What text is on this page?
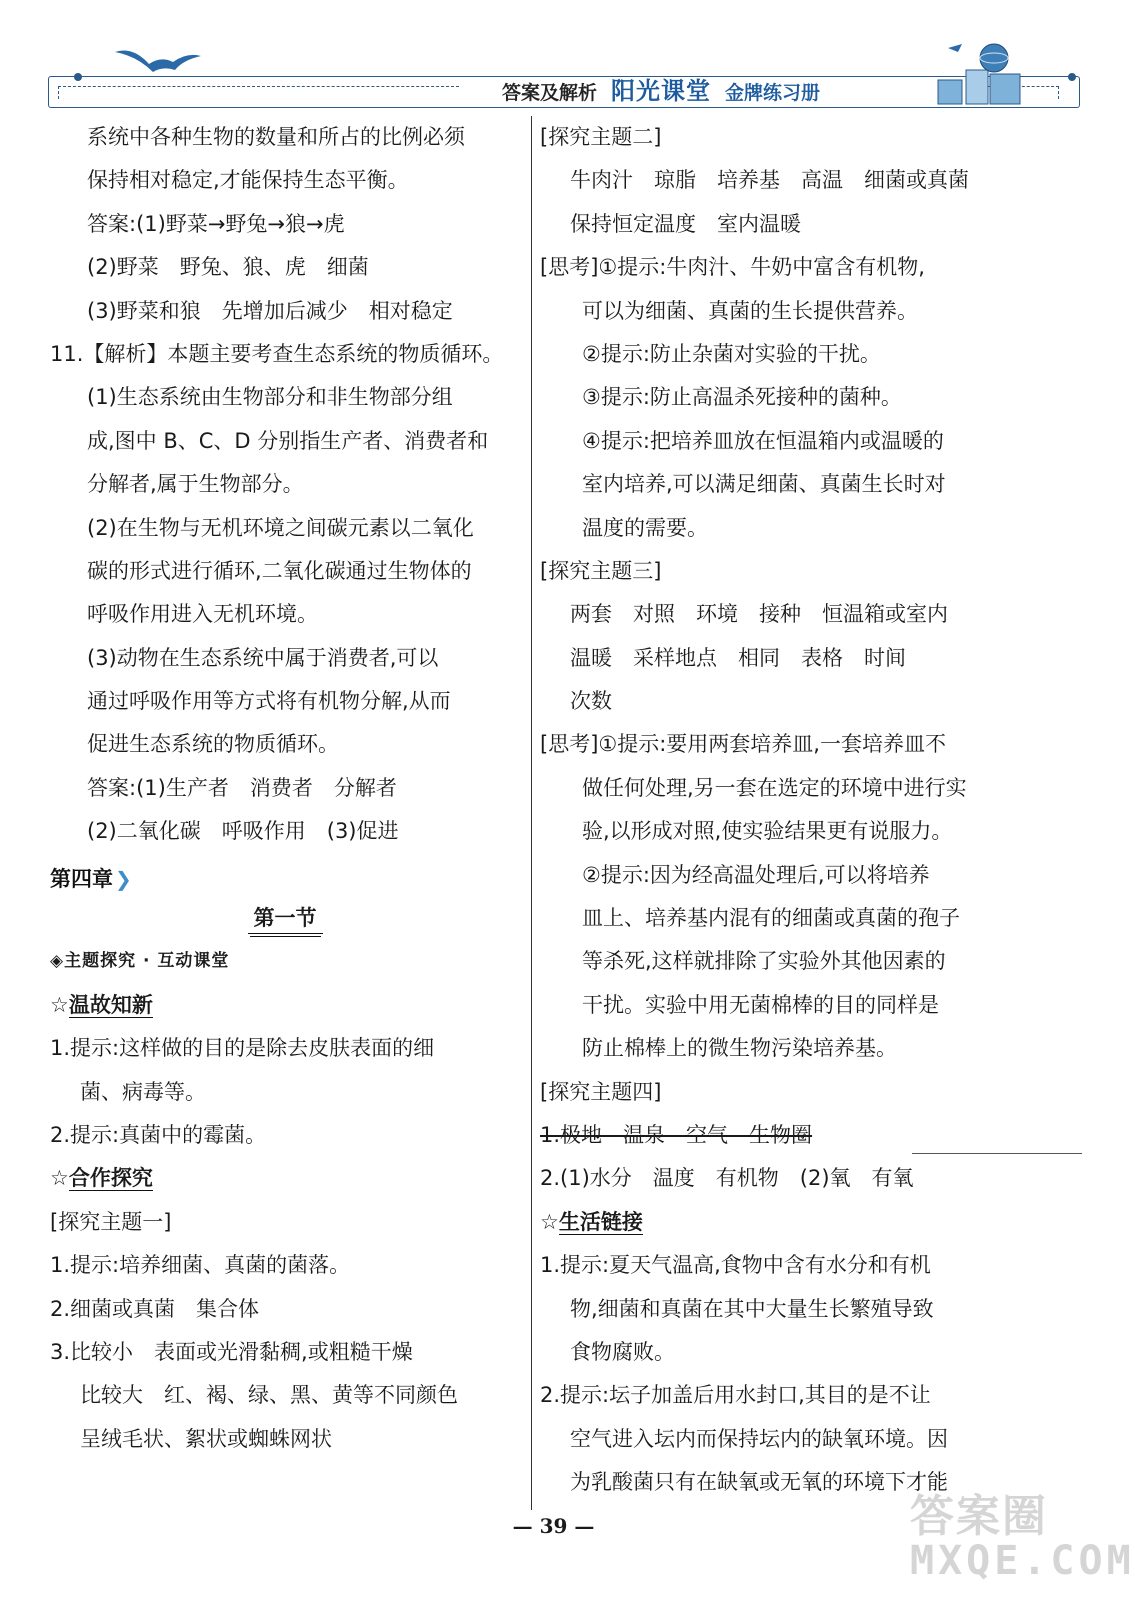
答案及解析 阳光课堂 金牌练习册
系统中各种生物的数量和所占的比例必须
保持相对稳定,才能保持生态平衡。
答案:(1)野菜→野兔→狼→虎
(2)野菜　野兔、狼、虎　细菌
(3)野菜和狼　先增加后减少　相对稳定
11.【解析】本题主要考查生态系统的物质循环。
(1)生态系统由生物部分和非生物部分组
成,图中 B、C、D 分别指生产者、消费者和
分解者,属于生物部分。
(2)在生物与无机环境之间碳元素以二氧化
碳的形式进行循环,二氧化碳通过生物体的
呼吸作用进入无机环境。
(3)动物在生态系统中属于消费者,可以
通过呼吸作用等方式将有机物分解,从而
促进生态系统的物质循环。
答案:(1)生产者　消费者　分解者
(2)二氧化碳　呼吸作用　(3)促进
第四章 ❯
第一节
◈主题探究 · 互动课堂
☆温故知新
1.提示:这样做的目的是除去皮肤表面的细
菌、病毒等。
2.提示:真菌中的霉菌。
☆合作探究
[探究主题一]
1.提示:培养细菌、真菌的菌落。
2.细菌或真菌　集合体
3.比较小　表面或光滑黏稠,或粗糙干燥
比较大　红、褐、绿、黑、黄等不同颜色
呈绒毛状、絮状或蜘蛛网状
[探究主题二]
牛肉汁　琼脂　培养基　高温　细菌或真菌
保持恒定温度　室内温暖
[思考]①提示:牛肉汁、牛奶中富含有机物,
可以为细菌、真菌的生长提供营养。
②提示:防止杂菌对实验的干扰。
③提示:防止高温杀死接种的菌种。
④提示:把培养皿放在恒温箱内或温暖的
室内培养,可以满足细菌、真菌生长时对
温度的需要。
[探究主题三]
两套　对照　环境　接种　恒温箱或室内
温暖　采样地点　相同　表格　时间
次数
[思考]①提示:要用两套培养皿,一套培养皿不
做任何处理,另一套在选定的环境中进行实
验,以形成对照,使实验结果更有说服力。
②提示:因为经高温处理后,可以将培养
皿上、培养基内混有的细菌或真菌的孢子
等杀死,这样就排除了实验外其他因素的
干扰。实验中用无菌棉棒的目的同样是
防止棉棒上的微生物污染培养基。
[探究主题四]
1.极地　温泉　空气　生物圈
2.(1)水分　温度　有机物　(2)氧　有氧
☆生活链接
1.提示:夏天气温高,食物中含有水分和有机
物,细菌和真菌在其中大量生长繁殖导致
食物腐败。
2.提示:坛子加盖后用水封口,其目的是不让
空气进入坛内而保持坛内的缺氧环境。因
为乳酸菌只有在缺氧或无氧的环境下才能
— 39 —	答案圈
MXQE.COM
